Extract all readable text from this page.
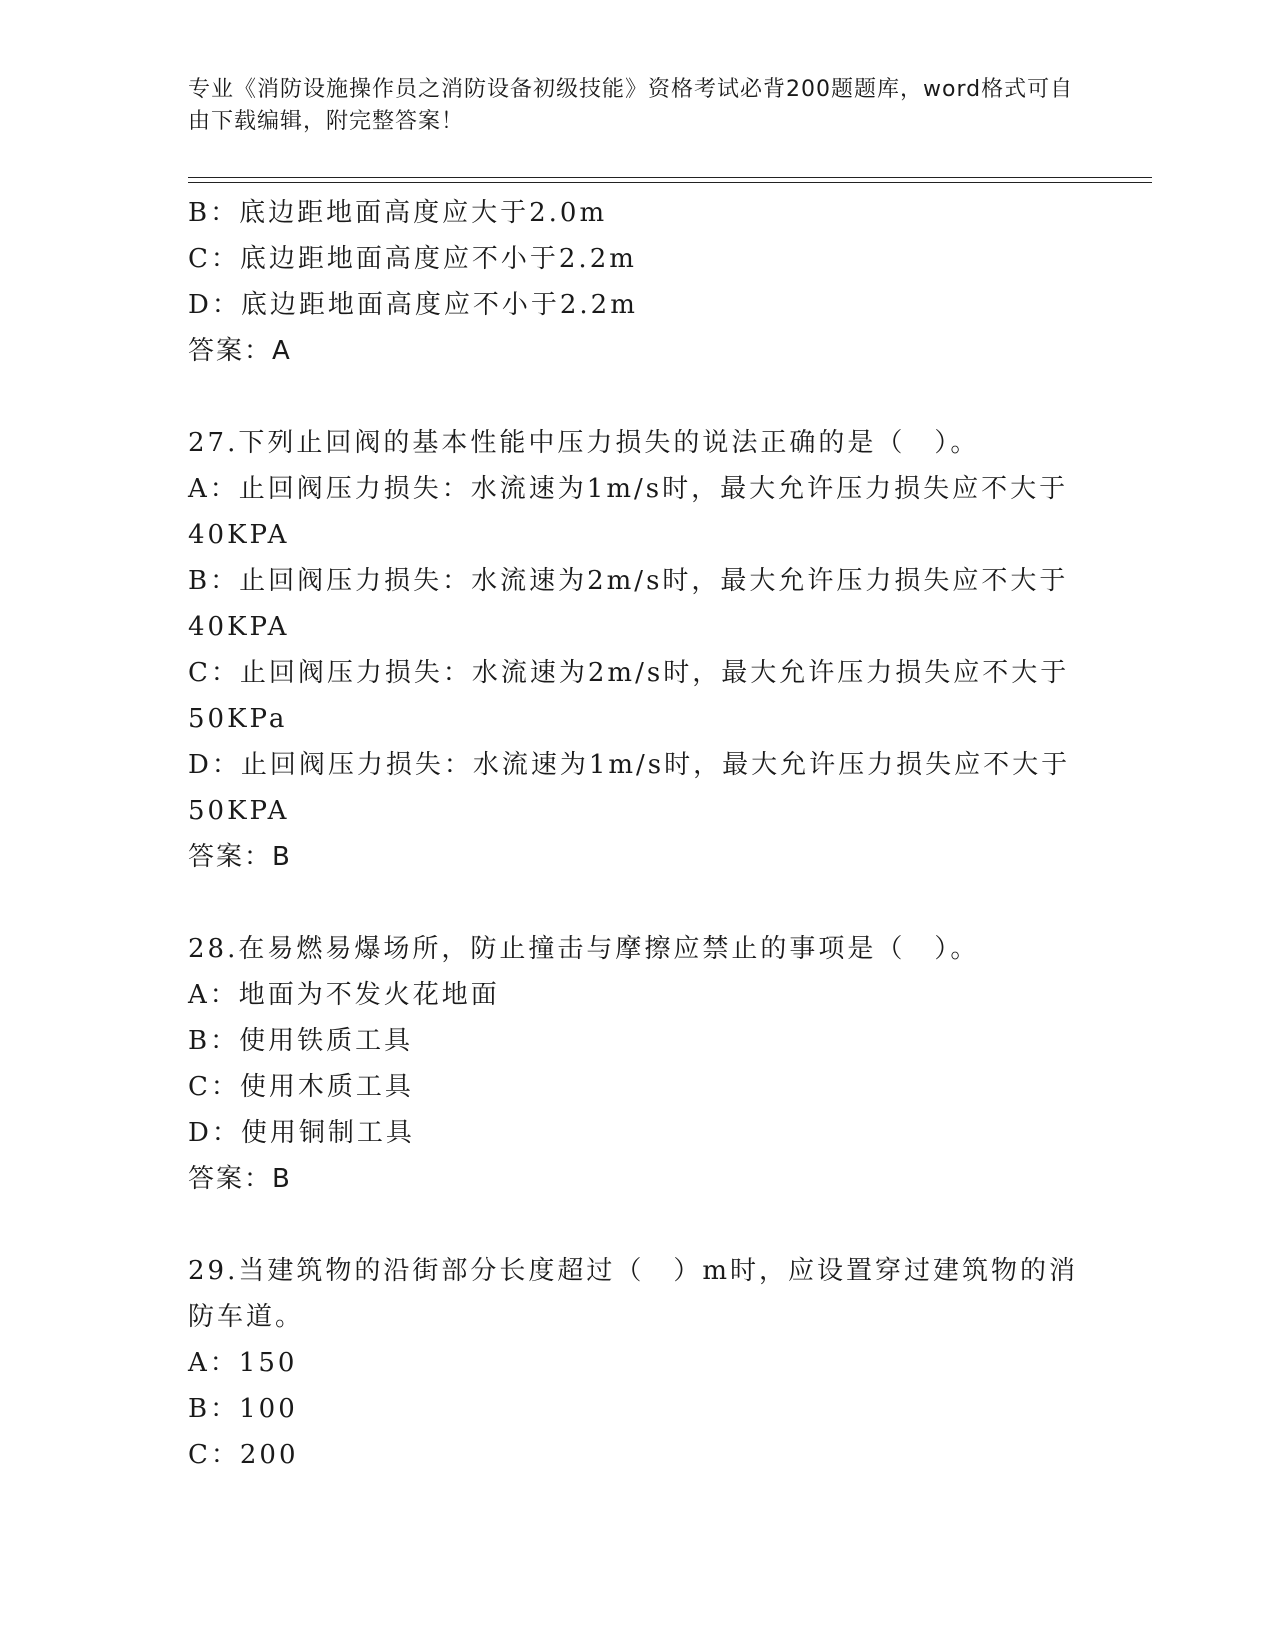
专业《消防设施操作员之消防设备初级技能》资格考试必背200题题库，word格式可自由下载编辑，附完整答案！
B：底边距地面高度应大于2.0m
C：底边距地面高度应不小于2.2m
D：底边距地面高度应不小于2.2m
答案：A
27.下列止回阀的基本性能中压力损失的说法正确的是（　）。
A：止回阀压力损失：水流速为1m/s时，最大允许压力损失应不大于40KPA
B：止回阀压力损失：水流速为2m/s时，最大允许压力损失应不大于40KPA
C：止回阀压力损失：水流速为2m/s时，最大允许压力损失应不大于50KPa
D：止回阀压力损失：水流速为1m/s时，最大允许压力损失应不大于50KPA
答案：B
28.在易燃易爆场所，防止撞击与摩擦应禁止的事项是（　）。
A：地面为不发火花地面
B：使用铁质工具
C：使用木质工具
D：使用铜制工具
答案：B
29.当建筑物的沿街部分长度超过（　）m时，应设置穿过建筑物的消防车道。
A：150
B：100
C：200
